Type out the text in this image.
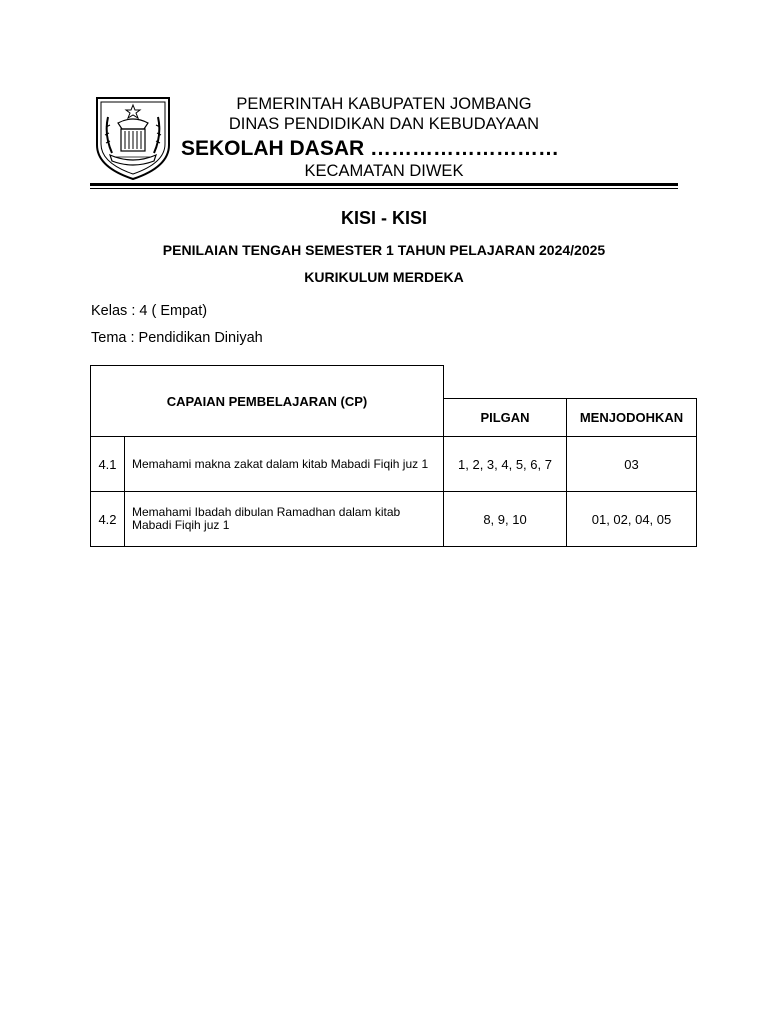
PEMERINTAH KABUPATEN JOMBANG
DINAS PENDIDIKAN DAN KEBUDAYAAN
SEKOLAH DASAR ………………………
KECAMATAN DIWEK
KISI - KISI
PENILAIAN TENGAH SEMESTER 1 TAHUN PELAJARAN 2024/2025
KURIKULUM MERDEKA
Kelas : 4 ( Empat)
Tema : Pendidikan Diniyah
CAPAIAN PEMBELAJARAN (CP)
PILGAN	MENJODOHKAN
4.1	Memahami makna zakat dalam kitab Mabadi Fiqih juz 1	1, 2, 3, 4, 5, 6, 7	03
4.2	Memahami Ibadah dibulan Ramadhan dalam kitab Mabadi Fiqih juz 1	8, 9, 10	01, 02, 04, 05
